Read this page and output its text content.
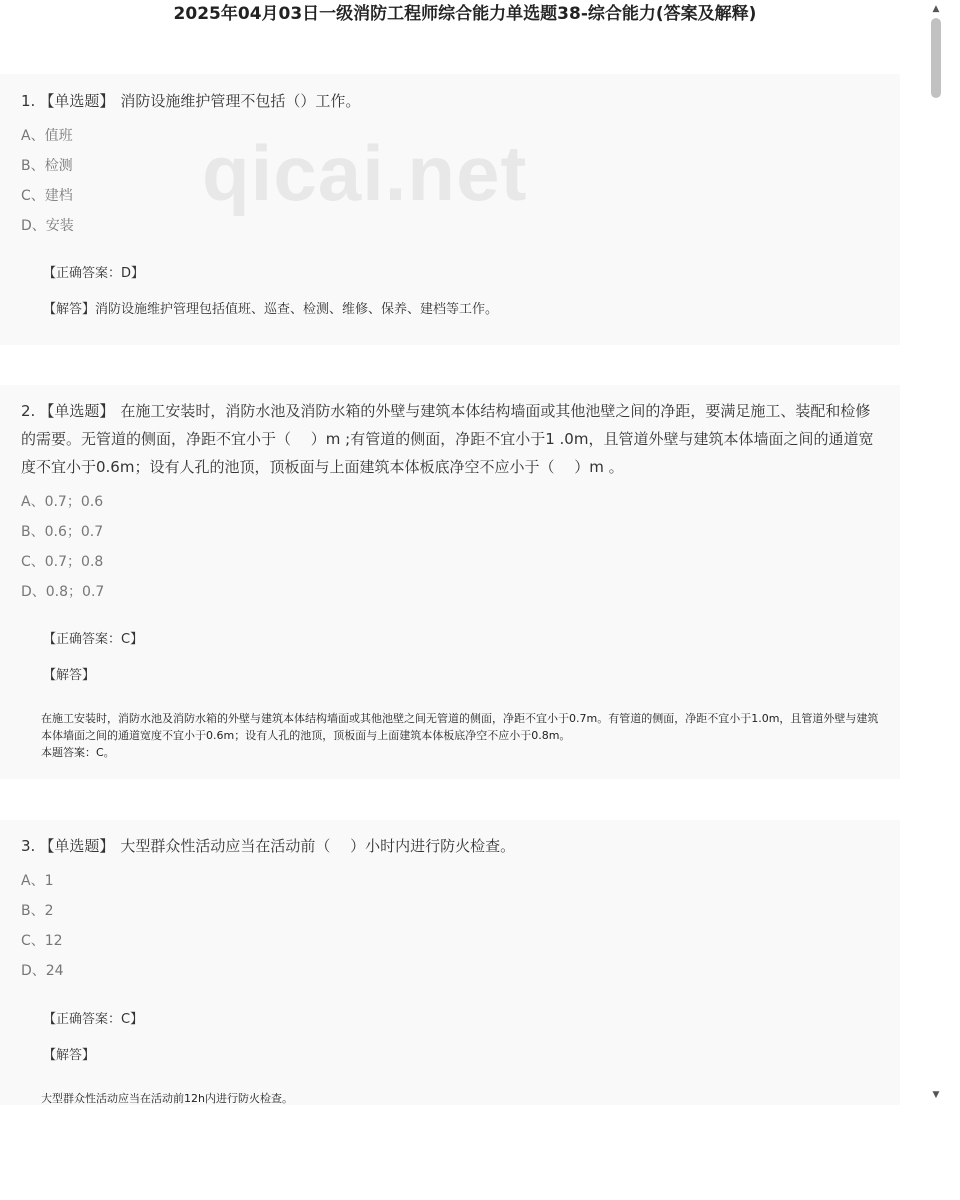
2025年04月03日一级消防工程师综合能力单选题38-综合能力(答案及解释)
1. 【单选题】 消防设施维护管理不包括（）工作。
A、值班
B、检测
C、建档
D、安装
【正确答案：D】
【解答】消防设施维护管理包括值班、巡查、检测、维修、保养、建档等工作。
2. 【单选题】 在施工安装时，消防水池及消防水箱的外壁与建筑本体结构墙面或其他池壁之间的净距，要满足施工、装配和检修的需要。无管道的侧面，净距不宜小于（　 ）m ;有管道的侧面，净距不宜小于1 .0m，且管道外壁与建筑本体墙面之间的通道宽度不宜小于0.6m；设有人孔的池顶，顶板面与上面建筑本体板底净空不应小于（　 ）m 。
A、0.7；0.6
B、0.6；0.7
C、0.7；0.8
D、0.8；0.7
【正确答案：C】
【解答】

在施工安装时，消防水池及消防水箱的外壁与建筑本体结构墙面或其他池壁之间无管道的侧面，净距不宜小于0.7m。有管道的侧面，净距不宜小于1.0m，且管道外壁与建筑本体墙面之间的通道宽度不宜小于0.6m；设有人孔的池顶，顶板面与上面建筑本体板底净空不应小于0.8m。

本题答案：C。

3. 【单选题】 大型群众性活动应当在活动前（　 ）小时内进行防火检查。
A、1
B、2
C、12
D、24
【正确答案：C】
【解答】

大型群众性活动应当在活动前12h内进行防火检查。

qicai.net
▲
▼
